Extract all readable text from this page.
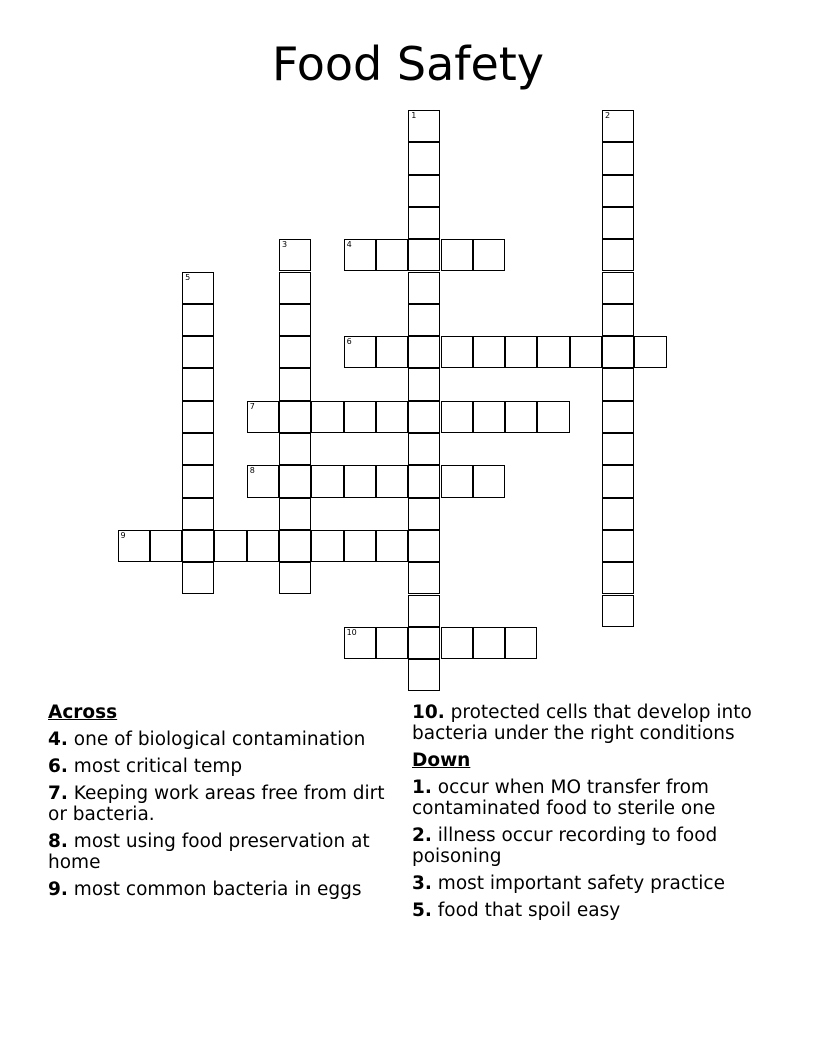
Food Safety
1	2
3	4
5
6
7
8
9
10
Across
4. one of biological contamination
6. most critical temp
7. Keeping work areas free from dirt or bacteria.
8. most using food preservation at home
9. most common bacteria in eggs
10. protected cells that develop into bacteria under the right conditions
Down
1. occur when MO transfer from contaminated food to sterile one
2. illness occur recording to food poisoning
3. most important safety practice
5. food that spoil easy
